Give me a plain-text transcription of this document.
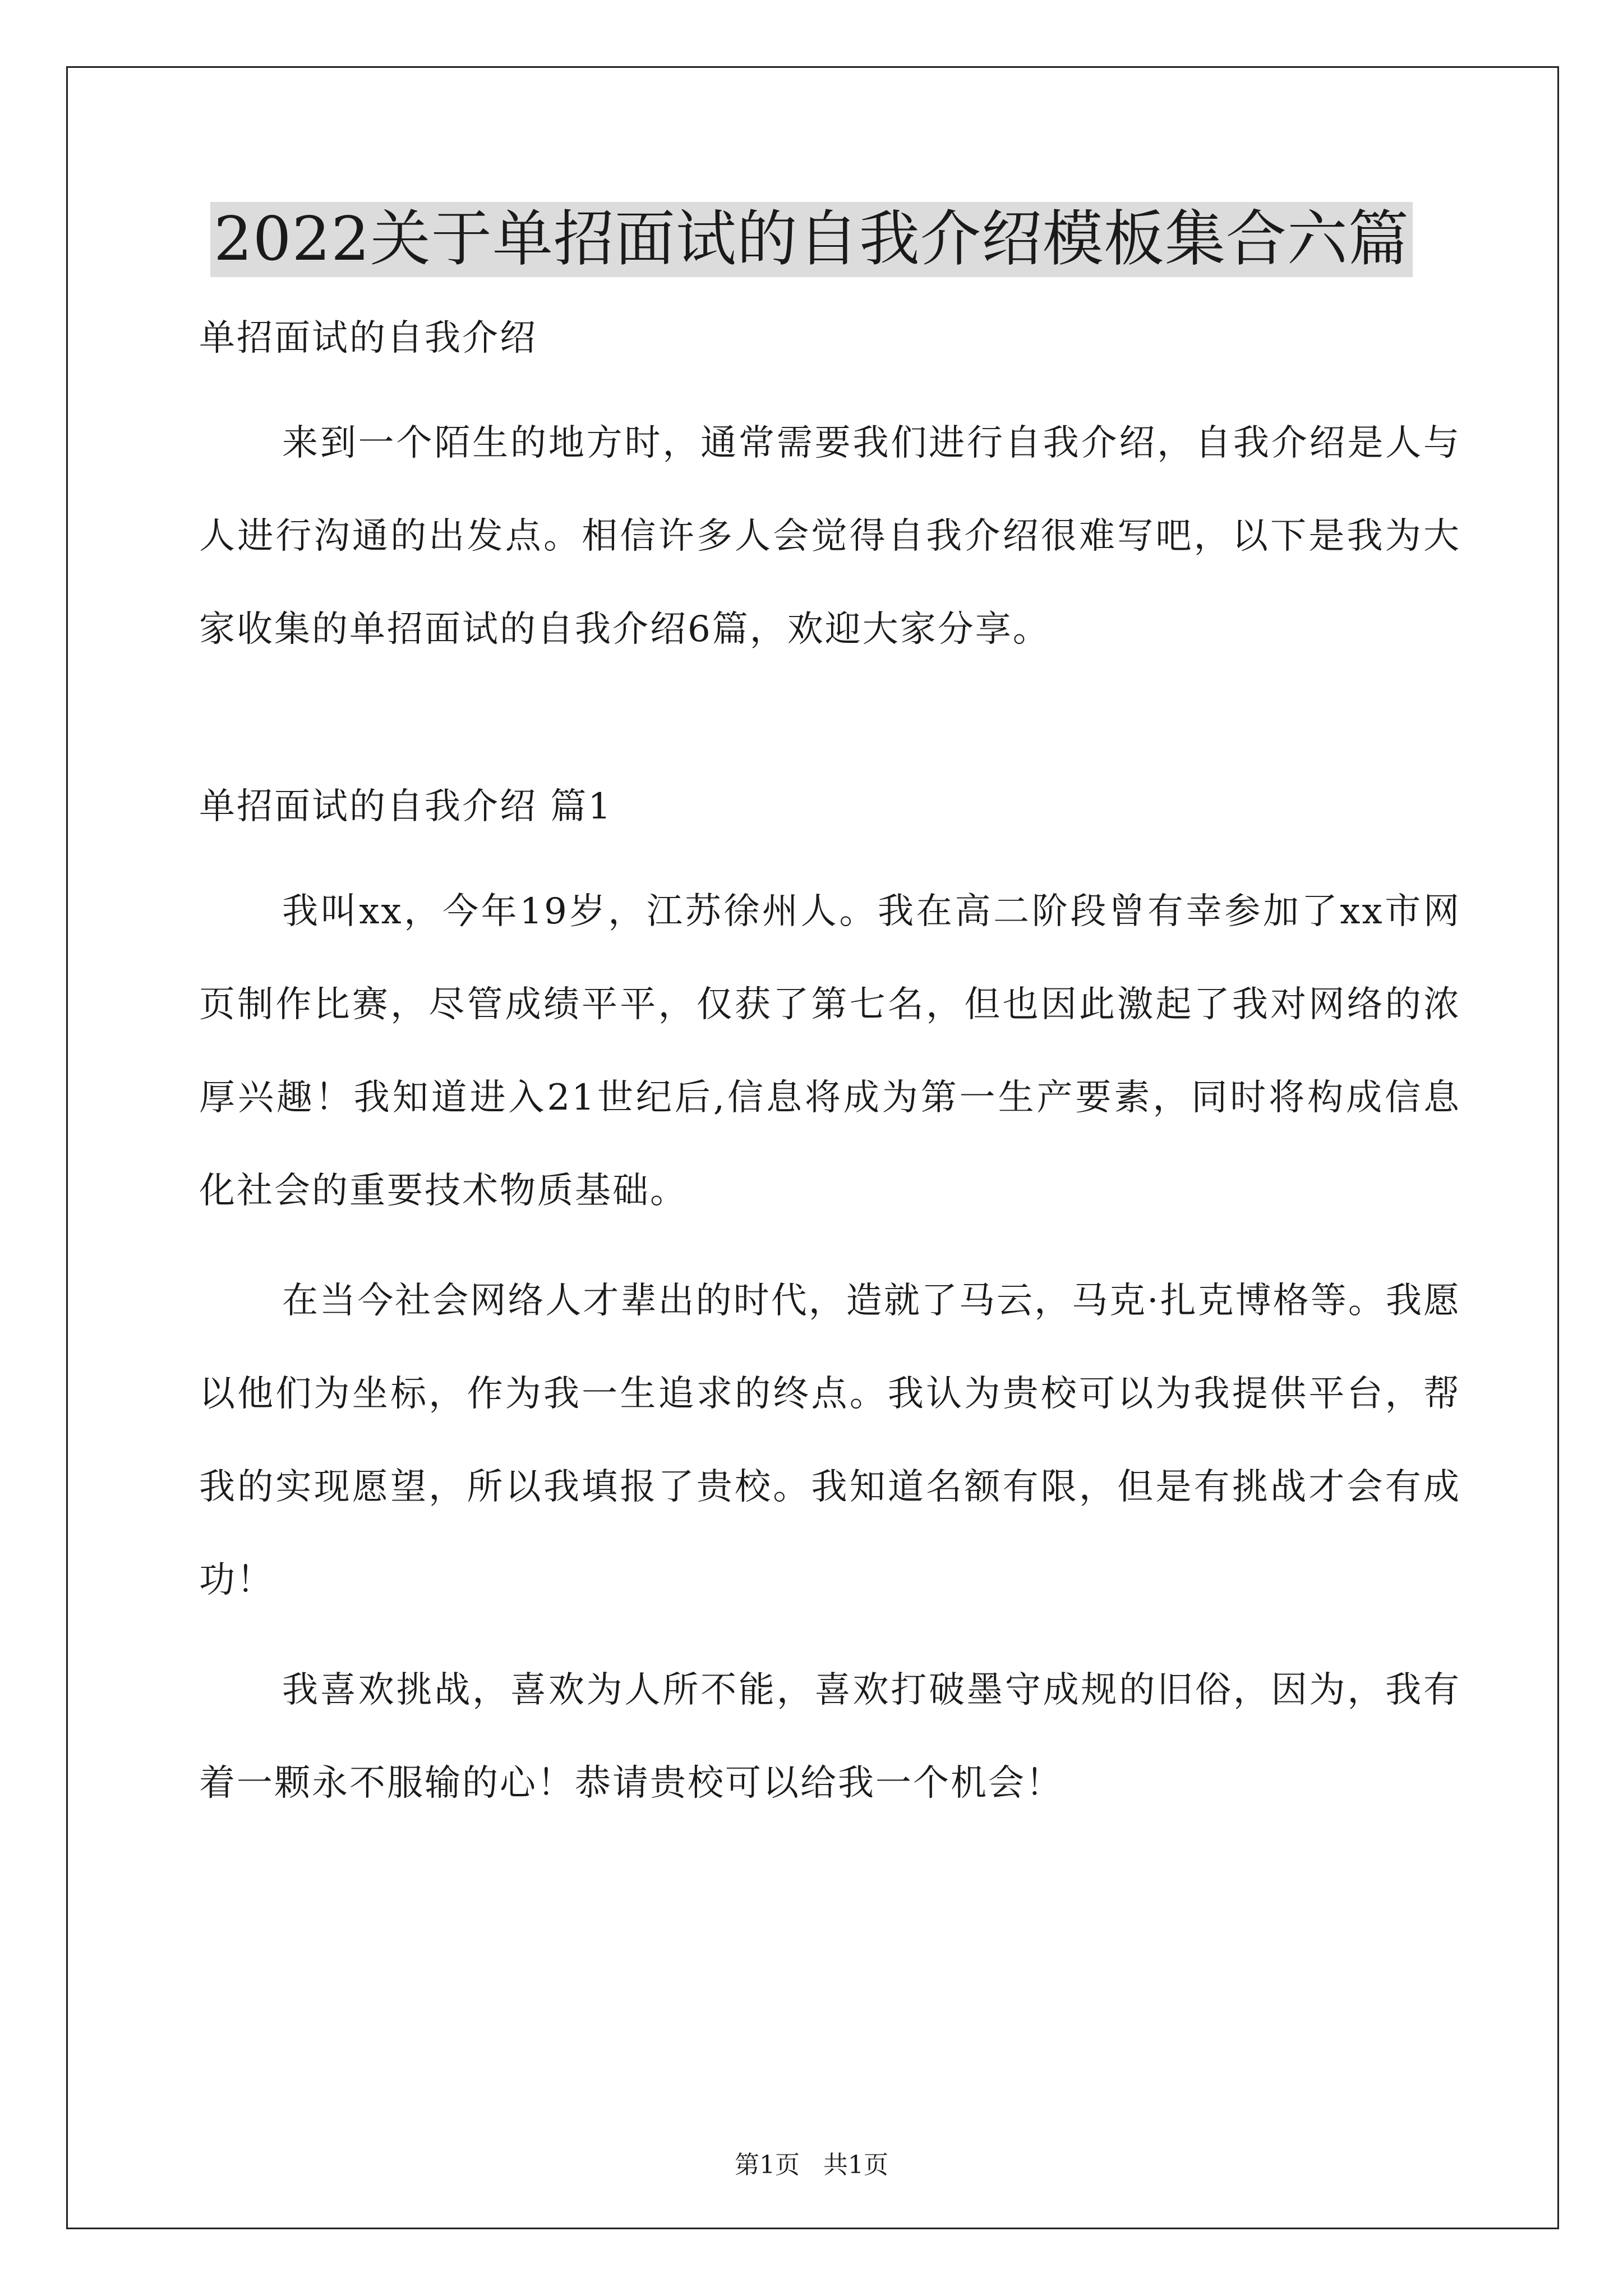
2022关于单招面试的自我介绍模板集合六篇

单招面试的自我介绍

来到一个陌生的地方时，通常需要我们进行自我介绍，自我介绍是人与人进行沟通的出发点。相信许多人会觉得自我介绍很难写吧，以下是我为大家收集的单招面试的自我介绍6篇，欢迎大家分享。

单招面试的自我介绍 篇1

我叫xx，今年19岁，江苏徐州人。我在高二阶段曾有幸参加了xx市网页制作比赛，尽管成绩平平，仅获了第七名，但也因此激起了我对网络的浓厚兴趣！我知道进入21世纪后,信息将成为第一生产要素，同时将构成信息化社会的重要技术物质基础。

在当今社会网络人才辈出的时代，造就了马云，马克·扎克博格等。我愿以他们为坐标，作为我一生追求的终点。我认为贵校可以为我提供平台，帮我的实现愿望，所以我填报了贵校。我知道名额有限，但是有挑战才会有成功！

我喜欢挑战，喜欢为人所不能，喜欢打破墨守成规的旧俗，因为，我有着一颗永不服输的心！恭请贵校可以给我一个机会！

第1页 共1页
